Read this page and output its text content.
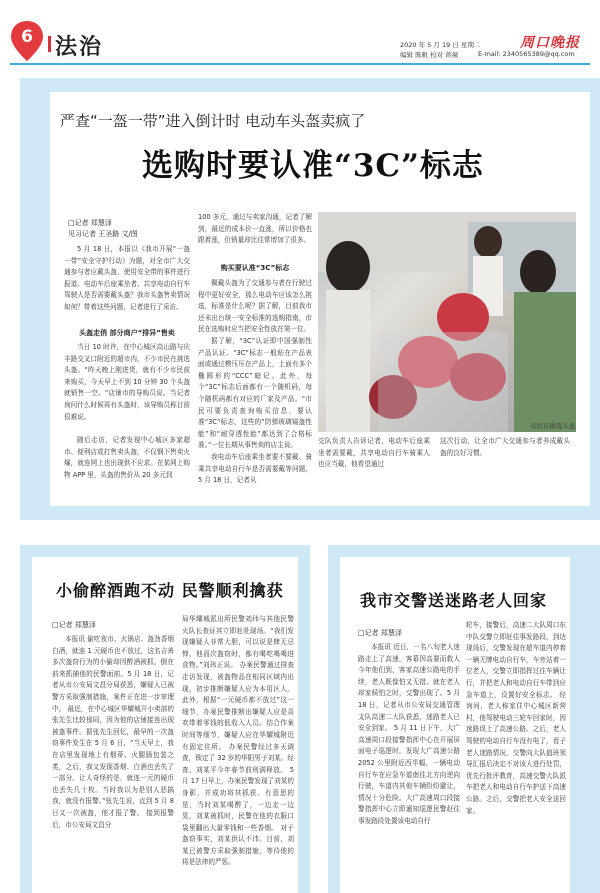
6 法治	2020 年 5 月 19 日 星期二
编辑 陈帆 校对 蒋薇	E-mail: 2340565389@qq.com
周口晚报
严查“一盔一带”进入倒计时 电动车头盔卖疯了
选购时要认准“3C”标志
□记者 郑慧泽
见习记者 王圣路 文/图
5 月 18 日，本报以《我市开展“一盔一带”安全守护行动》为题，对全市广大交通参与者应戴头盔、使用安全带的事件进行报道。电动车后座乘坐者、共享电动自行车驾驶人是否需要戴头盔？我市头盔售卖情况如何？带着这些问题，记者进行了采访。
头盔走俏 部分商户“排异”售卖
当日 10 时许，在中心城区高山路与庆丰路交叉口附近的超市内，不少市民在挑选头盔。“昨天晚上刚进货，就有不少市民前来购买，今天早上不到 10 分钟 30 个头盔就销售一空。“店铺市的导购员说。当记者询问什么时候再有头盔时，该导购员称目前很难说。
随后走访，记者发现中心城区多家超市、便利店或打售卖头盔，不仅钢下售卖火爆，就连网上也出现供不应求。在某网上购物 APP 里，头盔的售价从 20 多元到
100 多元，通过与卖家沟通，记者了解到，最近的成本价一直涨，所以价格也跟着涨，但销量却比往常增加了很多。
购买要认准“3C”标志
佩戴头盔为了交通参与者在行驶过程中更好安全，那么电动车应该怎么挑选，标准是什么呢？据了解，目前我市还未出台统一安全标准的选购指南，市民在选购时应当把安全性放在第一位。
据了解，“3C”认证即中国强制性产品认证。“3C”标志一般贴在产品表面或通过模压压在产品上，上面有多个椭圆形的“CCC”暗记。此外，每个“3C”标志后面都有一个随机码，每个随机码都有对应的厂家及产品。“市民可要负责查询购买信息，要认准“3C”标志，这些的“防弹玻璃镜盔性能”和“耐穿透性能”都达到了合格标准。”一位长期从事售卖的店主说。
我电动车后座乘坐者要不要戴、骑乘共享电动自行车是否需要戴等问题，5 月 18 日，记者从
市民在挑选头盔
交队负责人告诉记者，电动车后座乘坐者需要戴，共享电动自行车骑乘人也应当戴，他希望通过
这次行动，让全市广大交通参与者养成戴头盔的良好习惯。
小偷醉酒跑不动 民警顺利擒获
□记者 郑慧泽
本报讯 偷吃夜市、火锅店、盔劲香烟白酒，就连 1 元硬币也不放过，这名吉善多次盔窃行为的小偷却因醉酒被抓，倒在前来抓捕他的民警面前。5 月 18 日，记者从市公安局文昌分局获悉，嫌疑人已被警方采取强制措施，案件正在进一步审理中。 最近，在中心城区华耀城开小卖部的张先生比较郁闷，因为他的店铺接连出现被盔事件。据张先生回忆，最早的一次盔窃事件发生在 5 月 6 日，“当天早上，我在店里发现地上有烟蒂、火腿肠包装之类，之后，我又发现香烟、白酒也丢失了一部分。让人奇怪的是，就连一元的硬币也丢失几十枚。当时我以为是别人恶搞我，就没有报警。”张先生说，直到 5 月 8 日又一次被盔，他才报了警。 接到报警后，市公安局文昌分
局华耀城派出所民警刘玮与其他民警火队长查证其立即赶赴现场。“我们发现嫌疑人非常大胆，可以说是肆无忌惮，他而次盔窃时，都有喝吃喝喝进食物。”刘玮正说。 办案民警通过排查走访发现，被盔物品在相同区域内出现，初步推断嫌疑人应为本用区人。此外，根据“一元硬币都不放过”这一细节，办案民警推断出嫌疑人应是喜欢带着零钱的低收入人员。结合作案时间等细节，嫌疑人应在华耀城附近有固定住所。 办案民警经过多天调查，锁定了 32 岁的华阳男子刘某。经查，刘某平今年春节前刑满释放。 5 月 17 日早上，办案民警发现了刘某的身影，并成功将其抓获。有意思的是，当时刘某喝醉了，一边走一边晃，刘某被抓时，民警在他的衣服口袋里翻出大量零钱和一些香烟。 对于盔窃事实，刘某供认不讳。目前，刘某已被警方采取强制措施，等待他的将是法律的严惩。
我市交警送迷路老人回家
□记者 郑慧泽
本报讯 近日，一名八旬老人迷路走上了高速，客幕因高要而救人今年他们到，客家高速公路电的手续，老人既像怕又无措。就在老人却家候怕之时，交警出现了。5 月 18 日，记者从市公安局交通管理支队高速二大队获悉，迷路老人已安全到家。 5 月 11 日下午，大广高速周口段接警指挥中心在开展屏面电子巡逻时，发现大广高速公路 2052 公里附近西半幅，一辆电动自行车在应急车道南往北方向逆向行驶，车道内其他车辆纷纷避让，情况十分危险。大广高速周口段接警指挥中心立即通知巡逻民警赶往事发路段处置该电动自行
轮车，接警后，高速二大队周口东中队交警立即赶往事发路段，到达现场后，交警发现在超车道内停着一辆无牌电动自行车，车旁站着一位老人，交警立即指挥过往车辆让行，并把老人和电动自行车带到应急车道上，设置好安全标志。 经询问，老人称家住中心城区新营村，他驾驶电动三轮车回家时，因迷路误上了高速公路。之后，老人驾驶的电动自行车没有电了，看子老人迷路情况，交警向大队值班领导汇报后决定不对该人进行处罚，优先行批评教育，高速交警大队派车把老人和电动自行车护送下高速公路。之后，交警把老人安全送回家。
